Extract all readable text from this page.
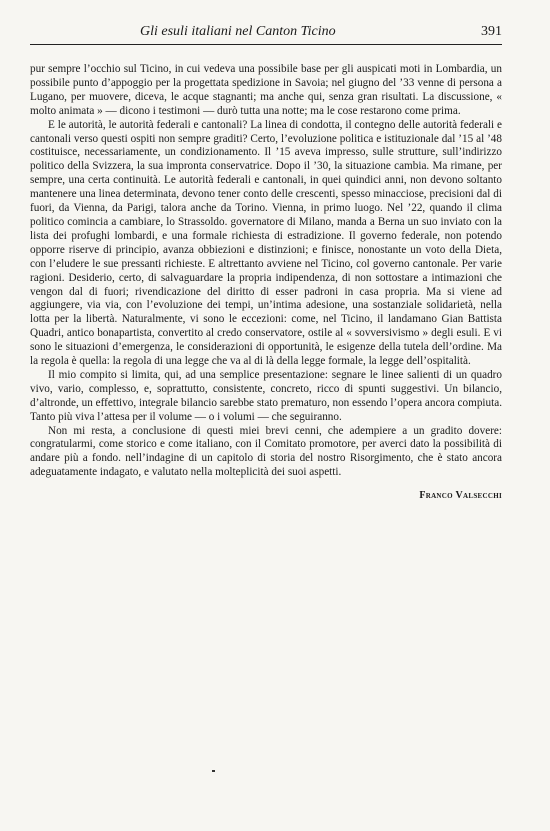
Gli esuli italiani nel Canton Ticino	391

pur sempre l’occhio sul Ticino, in cui vedeva una possibile base per gli auspicati moti in Lombardia, un possibile punto d’appoggio per la progettata spedizione in Savoia; nel giugno del ’33 venne di persona a Lugano, per muovere, diceva, le acque stagnanti; ma anche qui, senza gran risultati. La discussione, « molto animata » — dicono i testimoni — durò tutta una notte; ma le cose restarono come prima.

E le autorità, le autorità federali e cantonali? La linea di condotta, il contegno delle autorità federali e cantonali verso questi ospiti non sempre graditi? Certo, l’evoluzione politica e istituzionale dal ’15 al ’48 costituisce, necessariamente, un condizionamento. Il ’15 aveva impresso, sulle strutture, sull’indirizzo politico della Svizzera, la sua impronta conservatrice. Dopo il ’30, la situazione cambia. Ma rimane, per sempre, una certa continuità. Le autorità federali e cantonali, in quei quindici anni, non devono soltanto mantenere una linea determinata, devono tener conto delle crescenti, spesso minacciose, precisioni dal di fuori, da Vienna, da Parigi, talora anche da Torino. Vienna, in primo luogo. Nel ’22, quando il clima politico comincia a cambiare, lo Strassoldo. governatore di Milano, manda a Berna un suo inviato con la lista dei profughi lombardi, e una formale richiesta di estradizione. Il governo federale, non potendo opporre riserve di principio, avanza obbiezioni e distinzioni; e finisce, nonostante un voto della Dieta, con l’eludere le sue pressanti richieste. E altrettanto avviene nel Ticino, col governo cantonale. Per varie ragioni. Desiderio, certo, di salvaguardare la propria indipendenza, di non sottostare a intimazioni che vengon dal di fuori; rivendicazione del diritto di esser padroni in casa propria. Ma si viene ad aggiungere, via via, con l’evoluzione dei tempi, un’intima adesione, una sostanziale solidarietà, nella lotta per la libertà. Naturalmente, vi sono le eccezioni: come, nel Ticino, il landamano Gian Battista Quadri, antico bonapartista, convertito al credo conservatore, ostile al « sovversivismo » degli esuli. E vi sono le situazioni d’emergenza, le considerazioni di opportunità, le esigenze della tutela dell’ordine. Ma la regola è quella: la regola di una legge che va al di là della legge formale, la legge dell’ospitalità.

Il mio compito si limita, qui, ad una semplice presentazione: segnare le linee salienti di un quadro vivo, vario, complesso, e, soprattutto, consistente, concreto, ricco di spunti suggestivi. Un bilancio, d’altronde, un effettivo, integrale bilancio sarebbe stato prematuro, non essendo l’opera ancora compiuta. Tanto più viva l’attesa per il volume — o i volumi — che seguiranno.

Non mi resta, a conclusione di questi miei brevi cenni, che adempiere a un gradito dovere: congratularmi, come storico e come italiano, con il Comitato promotore, per averci dato la possibilità di andare più a fondo. nell’indagine di un capitolo di storia del nostro Risorgimento, che è stato ancora adeguatamente indagato, e valutato nella molteplicità dei suoi aspetti.

Franco Valsecchi
